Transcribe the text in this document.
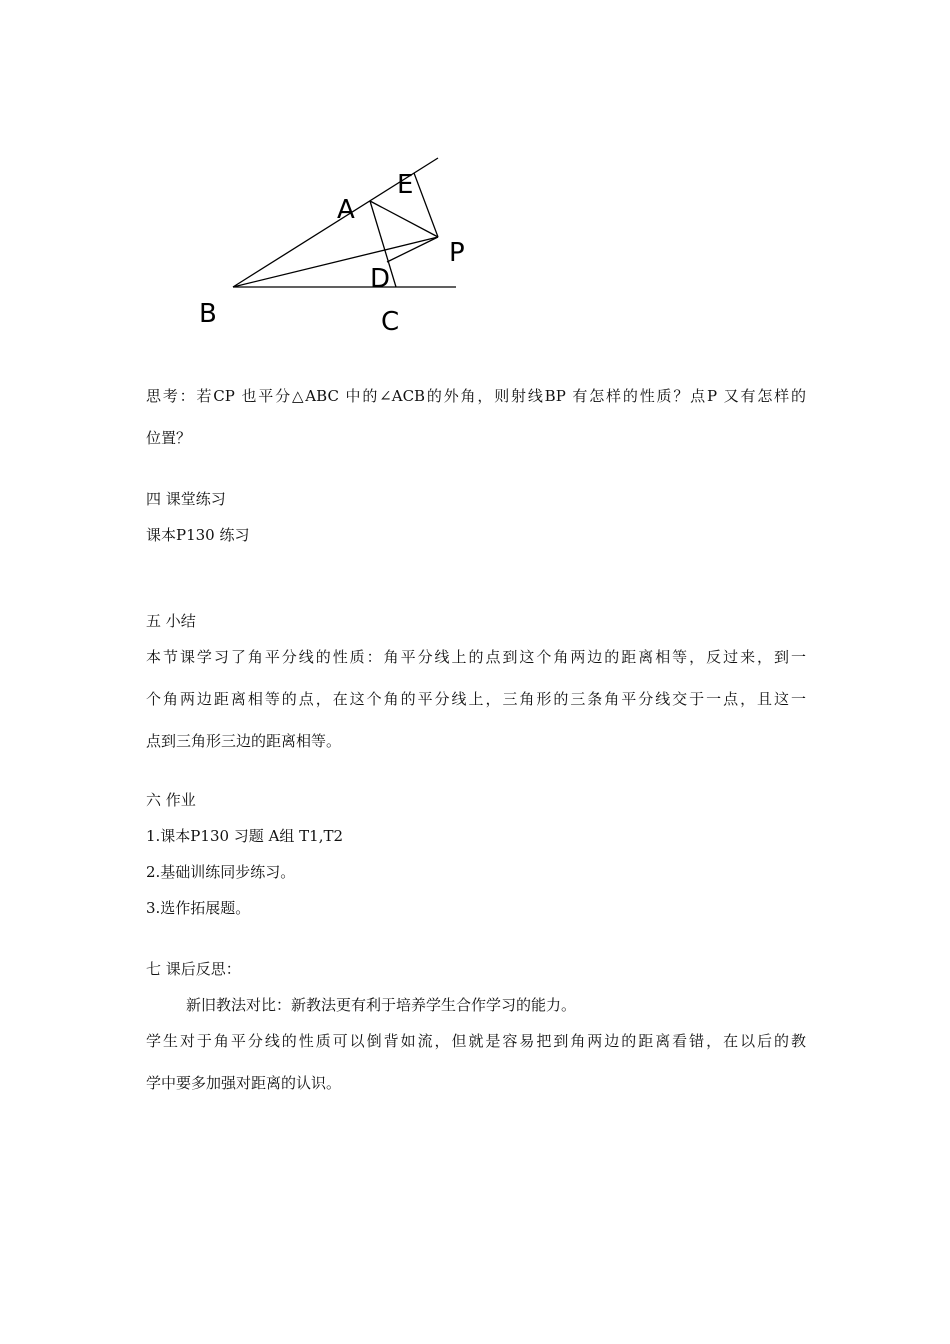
E
A
P
D
B	C
思考：若CP 也平分△ABC 中的∠ACB的外角，则射线BP 有怎样的性质？点P 又有怎样的
位置？
四 课堂练习
课本P130 练习
五 小结
本节课学习了角平分线的性质：角平分线上的点到这个角两边的距离相等，反过来，到一
个角两边距离相等的点，在这个角的平分线上，三角形的三条角平分线交于一点，且这一
点到三角形三边的距离相等。
六 作业
1.课本P130 习题 A组 T1,T2
2.基础训练同步练习。
3.选作拓展题。
七 课后反思：
新旧教法对比：新教法更有利于培养学生合作学习的能力。
学生对于角平分线的性质可以倒背如流，但就是容易把到角两边的距离看错，在以后的教
学中要多加强对距离的认识。
